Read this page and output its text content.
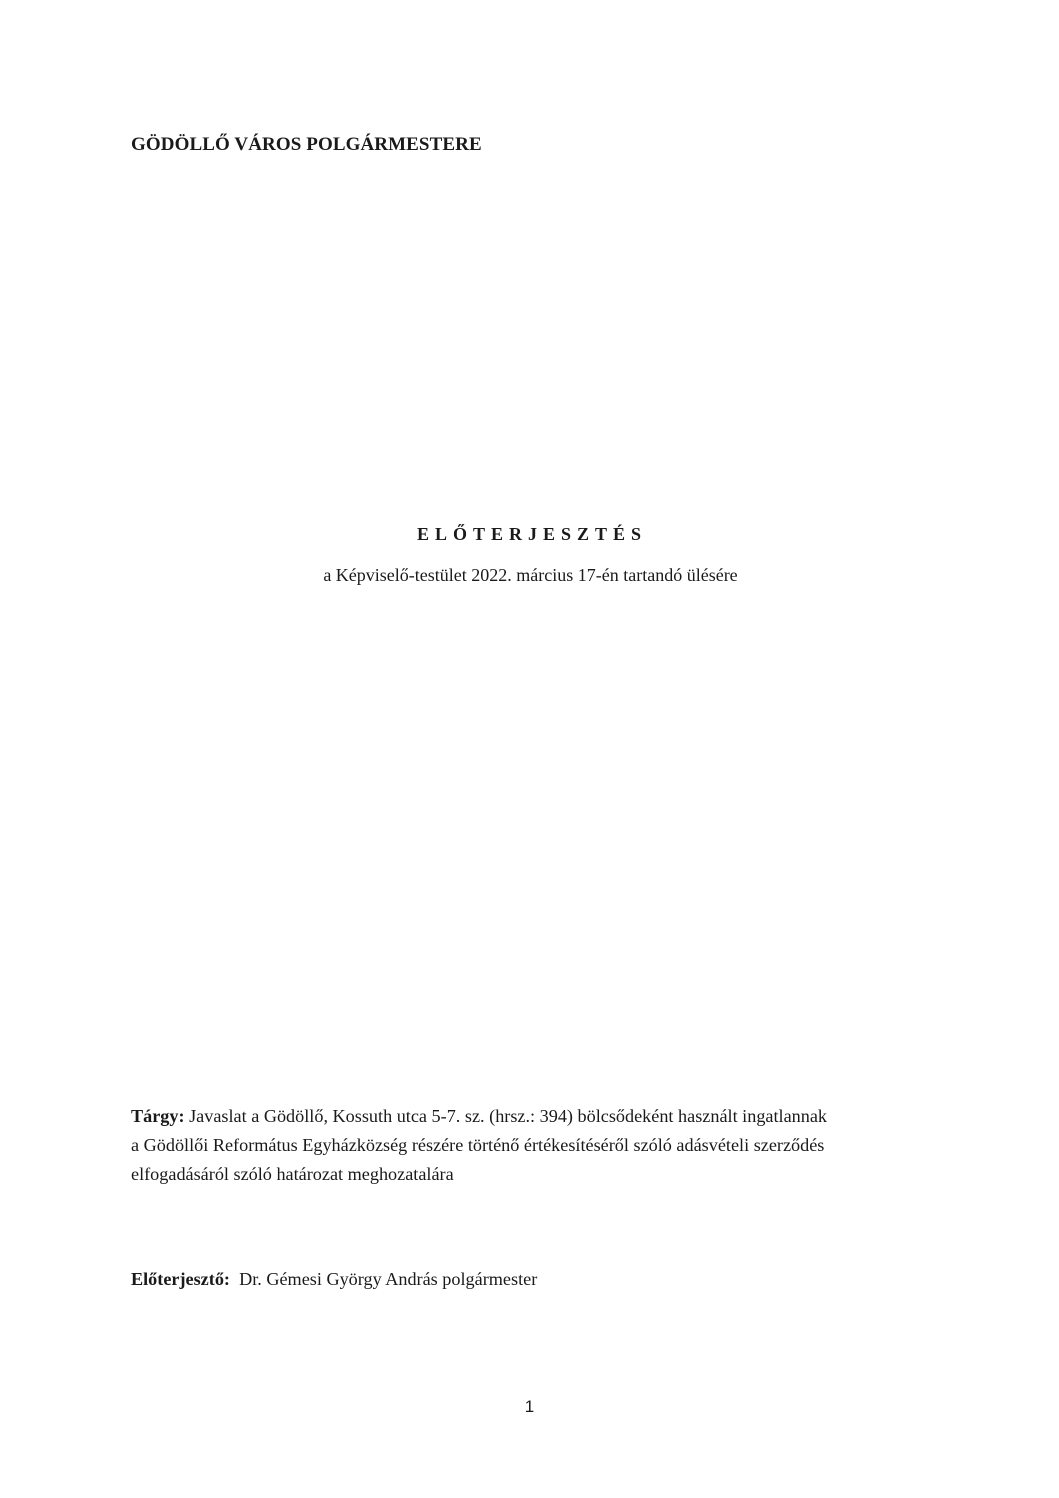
GÖDÖLLŐ VÁROS POLGÁRMESTERE
ELŐTERJESZTÉS
a Képviselő-testület 2022. március 17-én tartandó ülésére
Tárgy: Javaslat a Gödöllő, Kossuth utca 5-7. sz. (hrsz.: 394) bölcsődeként használt ingatlannak
a Gödöllői Református Egyházközség részére történő értékesítéséről szóló adásvételi szerződés
elfogadásáról szóló határozat meghozatalára
Előterjesztő:  Dr. Gémesi György András polgármester
1
